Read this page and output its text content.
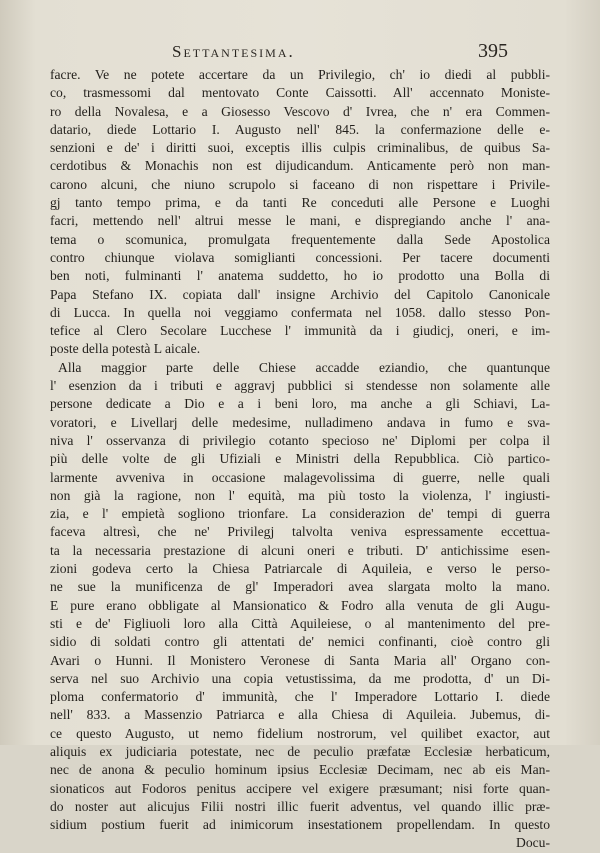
Settantesima.	395
facre. Ve ne potete accertare da un Privilegio, ch' io diedi al pubbli-
co, trasmessomi dal mentovato Conte Caissotti. All' accennato Moniste-
ro della Novalesa, e a Giosesso Vescovo d' Ivrea, che n' era Commen-
datario, diede Lottario I. Augusto nell' 845. la confermazione delle e-
senzioni e de' i diritti suoi, exceptis illis culpis criminalibus, de quibus Sa-
cerdotibus & Monachis non est dijudicandum. Anticamente però non man-
carono alcuni, che niuno scrupolo si faceano di non rispettare i Privile-
gj tanto tempo prima, e da tanti Re conceduti alle Persone e Luoghi
facri, mettendo nell' altrui messe le mani, e dispregiando anche l' ana-
tema o scomunica, promulgata frequentemente dalla Sede Apostolica
contro chiunque violava somiglianti concessioni. Per tacere documenti
ben noti, fulminanti l' anatema suddetto, ho io prodotto una Bolla di
Papa Stefano IX. copiata dall' insigne Archivio del Capitolo Canonicale
di Lucca. In quella noi veggiamo confermata nel 1058. dallo stesso Pon-
tefice al Clero Secolare Lucchese l' immunità da i giudicj, oneri, e im-
poste della potestà L aicale.
Alla maggior parte delle Chiese accadde eziandio, che quantunque
l' esenzion da i tributi e aggravj pubblici si stendesse non solamente alle
persone dedicate a Dio e a i beni loro, ma anche a gli Schiavi, La-
voratori, e Livellarj delle medesime, nulladimeno andava in fumo e sva-
niva l' osservanza di privilegio cotanto specioso ne' Diplomi per colpa il
più delle volte de gli Ufiziali e Ministri della Repubblica. Ciò partico-
larmente avveniva in occasione malagevolissima di guerre, nelle quali
non già la ragione, non l' equità, ma più tosto la violenza, l' ingiusti-
zia, e l' empietà sogliono trionfare. La considerazion de' tempi di guerra
faceva altresì, che ne' Privilegj talvolta veniva espressamente eccettua-
ta la necessaria prestazione di alcuni oneri e tributi. D' antichissime esen-
zioni godeva certo la Chiesa Patriarcale di Aquileia, e verso le perso-
ne sue la munificenza de gl' Imperadori avea slargata molto la mano.
E pure erano obbligate al Mansionatico & Fodro alla venuta de gli Augu-
sti e de' Figliuoli loro alla Città Aquileiese, o al mantenimento del pre-
sidio di soldati contro gli attentati de' nemici confinanti, cioè contro gli
Avari o Hunni. Il Monistero Veronese di Santa Maria all' Organo con-
serva nel suo Archivio una copia vetustissima, da me prodotta, d' un Di-
ploma confermatorio d' immunità, che l' Imperadore Lottario I. diede
nell' 833. a Massenzio Patriarca e alla Chiesa di Aquileia. Jubemus, di-
ce questo Augusto, ut nemo fidelium nostrorum, vel quilibet exactor, aut
aliquis ex judiciaria potestate, nec de peculio præfatæ Ecclesiæ herbaticum,
nec de anona & peculio hominum ipsius Ecclesiæ Decimam, nec ab eis Man-
sionaticos aut Fodoros penitus accipere vel exigere præsumant; nisi forte quan-
do noster aut alicujus Filii nostri illic fuerit adventus, vel quando illic præ-
sidium postium fuerit ad inimicorum insestationem propellendam. In questo
Docu-
